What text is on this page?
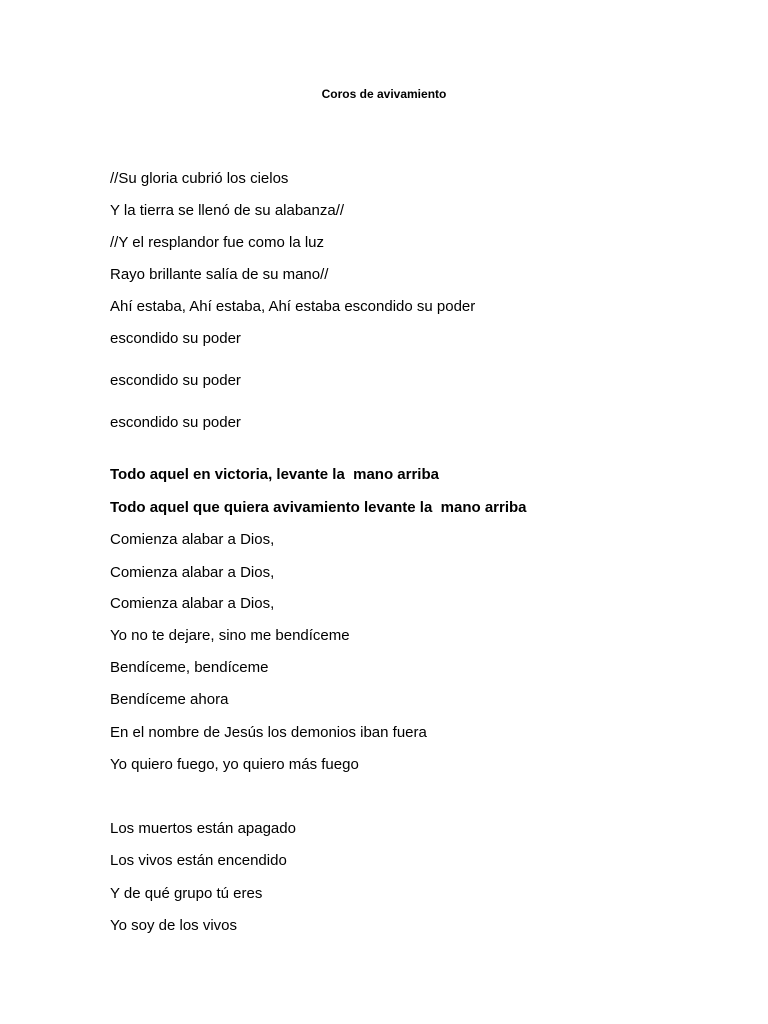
Coros de avivamiento
//Su gloria cubrió los cielos
Y la tierra se llenó de su alabanza//
//Y el resplandor fue como la luz
Rayo brillante salía de su mano//
Ahí estaba, Ahí estaba, Ahí estaba escondido su poder
escondido su poder
escondido su poder
escondido su poder
Todo aquel en victoria, levante la  mano arriba
Todo aquel que quiera avivamiento levante la  mano arriba
Comienza alabar a Dios,
Comienza alabar a Dios,
Comienza alabar a Dios,
Yo no te dejare, sino me bendíceme
Bendíceme, bendíceme
Bendíceme ahora
En el nombre de Jesús los demonios iban fuera
Yo quiero fuego, yo quiero más fuego
Los muertos están apagado
Los vivos están encendido
Y de qué grupo tú eres
Yo soy de los vivos
